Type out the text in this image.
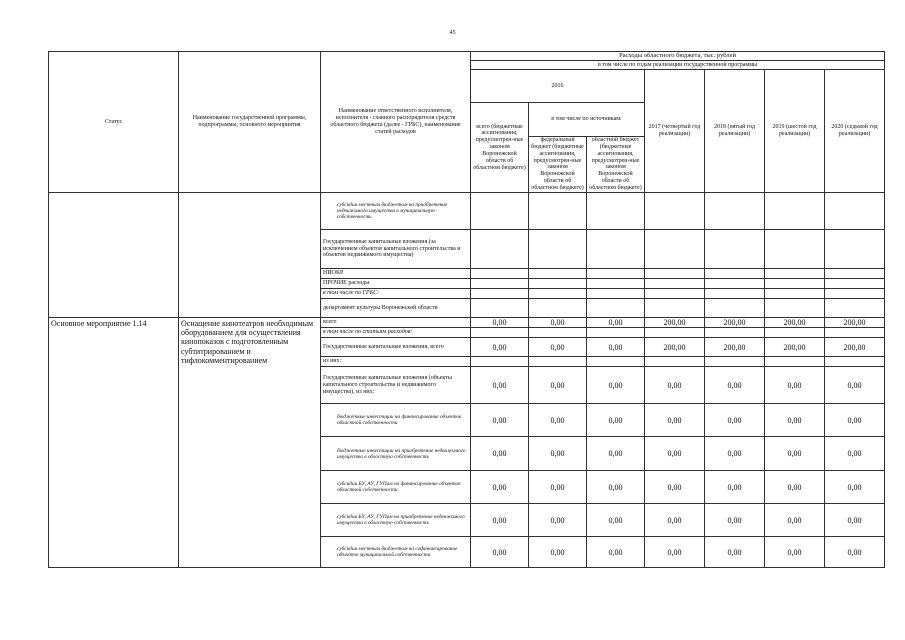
45
Статус	Наименование государственной программы, подпрограммы, основного мероприятия	Наименование ответственного исполнителя, исполнителя - главного распорядителя средств областного бюджета (далее - ГРБС), наименование статей расходов	Расходы областного бюджета, тыс. рублей						
			в том числе по годам реализации государственной программы						
			2016			2017 (четвертый год реализации)	2018 (пятый год реализации)	2019 (шестой год реализации)	2020 (седьмой год реализации)
			всего (бюджетные ассигнования, предусмотрен-ные законом Воронежской области об областном бюджете)	в том числе по источникам:					
				федеральный бюджет (бюджетные ассигнования, предусмотрен-ные законом Воронежской области об областном бюджете)	областной бюджет (бюджетные ассигнования, предусмотрен-ные законом Воронежской области об областном бюджете)				
		субсидии местным бюджетам на приобретение недвижимого имущества в муниципальную собственность							
		Государственные капитальные вложения (за исключением объектов капитального строительства и объектов недвижимого имущества)							
		НИОКР							
		ПРОЧИЕ расходы							
		в том числе по ГРБС:							
		департамент культуры Воронежской области							
Основное мероприятие 1.14	Оснащение кинотеатров необходимым оборудованием для осуществления кинопоказов с подготовленным субтитрированием и тифлокомментированием	всего	0,00	0,00	0,00	200,00	200,00	200,00	200,00
		в том числе по статьям расходов:							
		Государственные капитальные вложения, всего	0,00	0,00	0,00	200,00	200,00	200,00	200,00
		из них:							
		Государственные капитальные вложения (объекты капитального строительства и недвижимого имущества), из них:	0,00	0,00	0,00	0,00	0,00	0,00	0,00
		бюджетные инвестиции на финансирование объектов областной собственности	0,00	0,00	0,00	0,00	0,00	0,00	0,00
		бюджетные инвестиции на приобретение недвижимого имущества в областную собственность	0,00	0,00	0,00	0,00	0,00	0,00	0,00
		субсидии БУ, АУ, ГУПам на финансирование объектов областной собственности	0,00	0,00	0,00	0,00	0,00	0,00	0,00
		субсидии БУ, АУ, ГУПам на приобретение недвижимого имущества в областную собственность	0,00	0,00	0,00	0,00	0,00	0,00	0,00
		субсидии местным бюджетам на софинансирование объектов муниципальной собственности	0,00	0,00	0,00	0,00	0,00	0,00	0,00
